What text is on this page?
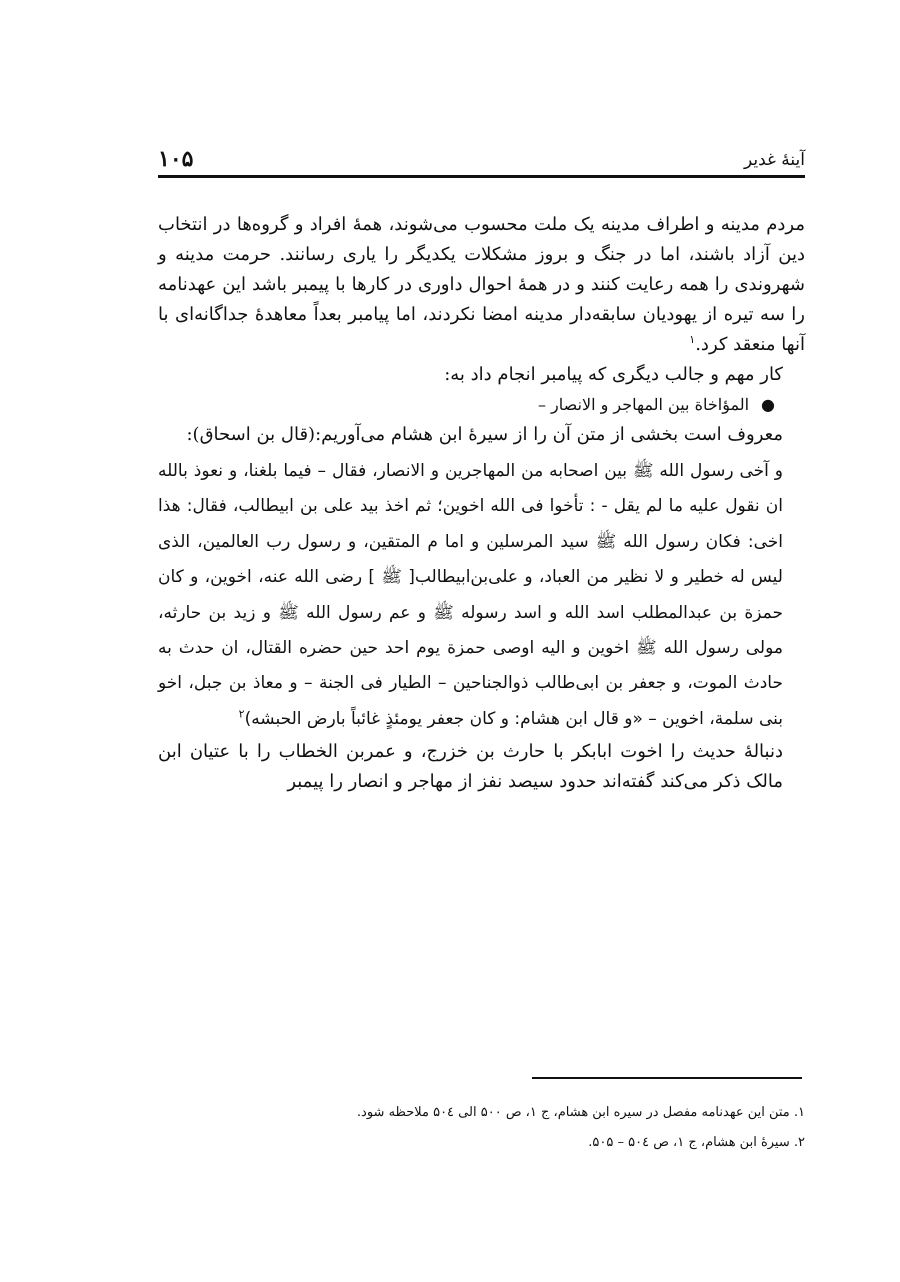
آینۀ غدیر
۱۰۵

مردم مدینه و اطراف مدینه یک ملت محسوب می‌شوند، همۀ افراد و گروه‌ها در انتخاب دین آزاد باشند، اما در جنگ و بروز مشکلات یکدیگر را یاری رسانند. حرمت مدینه و شهروندی را همه رعایت کنند و در همۀ احوال داوری در کارها با پیمبر باشد این عهدنامه را سه تیره از یهودیان سابقه‌دار مدینه امضا نکردند، اما پیامبر بعداً معاهدۀ جداگانه‌ای با آنها منعقد کرد.$^۱$

کار مهم و جالب دیگری که پیامبر انجام داد به:

●المؤاخاة بین المهاجر و الانصار –

معروف است بخشی از متن آن را از سیرۀ ابن هشام می‌آوریم:(قال بن اسحاق):

و آخی رسول الله ﷺ بین اصحابه من المهاجرین و الانصار، فقال – فیما بلغنا، و نعوذ بالله ان نقول علیه ما لم یقل - : تأخوا فی الله اخوین؛ ثم اخذ بید علی بن ابیطالب، فقال: هذا اخی: فکان رسول الله ﷺ سید المرسلین و اما م المتقین، و رسول رب العالمین، الذی لیس له خطیر و لا نظیر من العباد، و علی‌بن‌ابیطالب[ ﷺ ] رضی الله عنه، اخوین، و کان حمزة بن عبدالمطلب اسد الله و اسد رسوله ﷺ و عم رسول الله ﷺ و زید بن حارثه، مولی رسول الله ﷺ اخوین و الیه اوصی حمزة یوم احد حین حضره القتال، ان حدث به حادث الموت، و جعفر بن ابی‌طالب ذوالجناحین – الطیار فی الجنة – و معاذ بن جبل، اخو بنی سلمة، اخوین – «و قال ابن هشام: و کان جعفر یومئذٍ غائباً بارض الحبشه)$^۲$

دنبالۀ حدیث را اخوت ابابکر با حارث بن خزرج، و عمربن الخطاب را با عتیان ابن مالک ذکر می‌کند گفته‌اند حدود سیصد نفز از مهاجر و انصار را پیمبر

۱. متن این عهدنامه مفصل در سیره ابن هشام، ج ۱، ص ۵۰۰ الی ۵۰٤ ملاحظه شود.

۲. سیرۀ ابن هشام، ج ۱، ص ۵۰٤ – ۵۰۵.
